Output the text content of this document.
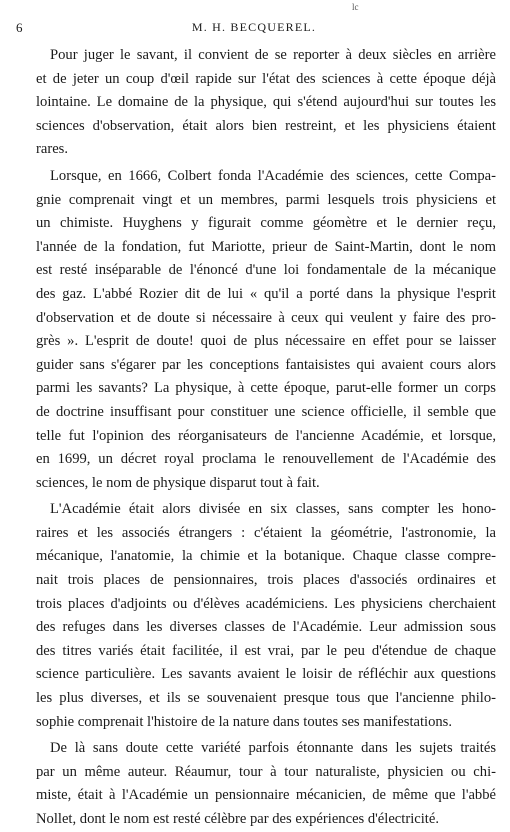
lc
6	M. H. BECQUEREL.
Pour juger le savant, il convient de se reporter à deux siècles en arrière
et de jeter un coup d'œil rapide sur l'état des sciences à cette époque déjà
lointaine. Le domaine de la physique, qui s'étend aujourd'hui sur toutes les
sciences d'observation, était alors bien restreint, et les physiciens étaient
rares.
Lorsque, en 1666, Colbert fonda l'Académie des sciences, cette Compa-
gnie comprenait vingt et un membres, parmi lesquels trois physiciens et
un chimiste. Huyghens y figurait comme géomètre et le dernier reçu,
l'année de la fondation, fut Mariotte, prieur de Saint-Martin, dont le nom
est resté inséparable de l'énoncé d'une loi fondamentale de la mécanique
des gaz. L'abbé Rozier dit de lui « qu'il a porté dans la physique l'esprit
d'observation et de doute si nécessaire à ceux qui veulent y faire des pro-
grès ». L'esprit de doute! quoi de plus nécessaire en effet pour se laisser
guider sans s'égarer par les conceptions fantaisistes qui avaient cours alors
parmi les savants? La physique, à cette époque, parut-elle former un corps
de doctrine insuffisant pour constituer une science officielle, il semble que
telle fut l'opinion des réorganisateurs de l'ancienne Académie, et lorsque,
en 1699, un décret royal proclama le renouvellement de l'Académie des
sciences, le nom de physique disparut tout à fait.
L'Académie était alors divisée en six classes, sans compter les hono-
raires et les associés étrangers : c'étaient la géométrie, l'astronomie, la
mécanique, l'anatomie, la chimie et la botanique. Chaque classe compre-
nait trois places de pensionnaires, trois places d'associés ordinaires et
trois places d'adjoints ou d'élèves académiciens. Les physiciens cherchaient
des refuges dans les diverses classes de l'Académie. Leur admission sous
des titres variés était facilitée, il est vrai, par le peu d'étendue de chaque
science particulière. Les savants avaient le loisir de réfléchir aux questions
les plus diverses, et ils se souvenaient presque tous que l'ancienne philo-
sophie comprenait l'histoire de la nature dans toutes ses manifestations.
De là sans doute cette variété parfois étonnante dans les sujets traités
par un même auteur. Réaumur, tour à tour naturaliste, physicien ou chi-
miste, était à l'Académie un pensionnaire mécanicien, de même que l'abbé
Nollet, dont le nom est resté célèbre par des expériences d'électricité.
